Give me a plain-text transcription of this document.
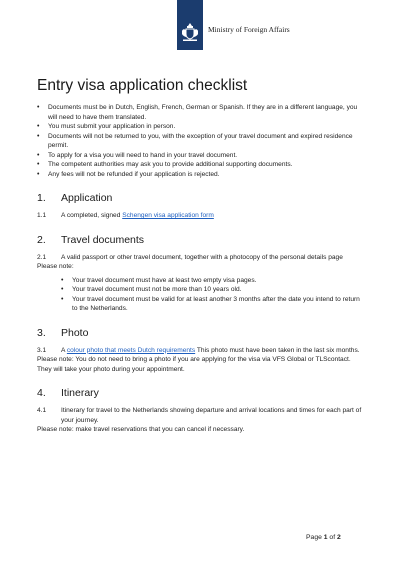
Ministry of Foreign Affairs
Entry visa application checklist
• Documents must be in Dutch, English, French, German or Spanish. If they are in a different language, you will need to have them translated.
• You must submit your application in person.
• Documents will not be returned to you, with the exception of your travel document and expired residence permit.
• To apply for a visa you will need to hand in your travel document.
• The competent authorities may ask you to provide additional supporting documents.
• Any fees will not be refunded if your application is rejected.
1.	Application
1.1	A completed, signed Schengen visa application form
2.	Travel documents
2.1	A valid passport or other travel document, together with a photocopy of the personal details page
Please note:
• Your travel document must have at least two empty visa pages.
• Your travel document must not be more than 10 years old.
• Your travel document must be valid for at least another 3 months after the date you intend to return to the Netherlands.
3.	Photo
3.1	A colour photo that meets Dutch requirements This photo must have been taken in the last six months.
Please note: You do not need to bring a photo if you are applying for the visa via VFS Global or TLScontact. They will take your photo during your appointment.
4.	Itinerary
4.1	Itinerary for travel to the Netherlands showing departure and arrival locations and times for each part of your journey.
Please note: make travel reservations that you can cancel if necessary.
Page 1 of 2
